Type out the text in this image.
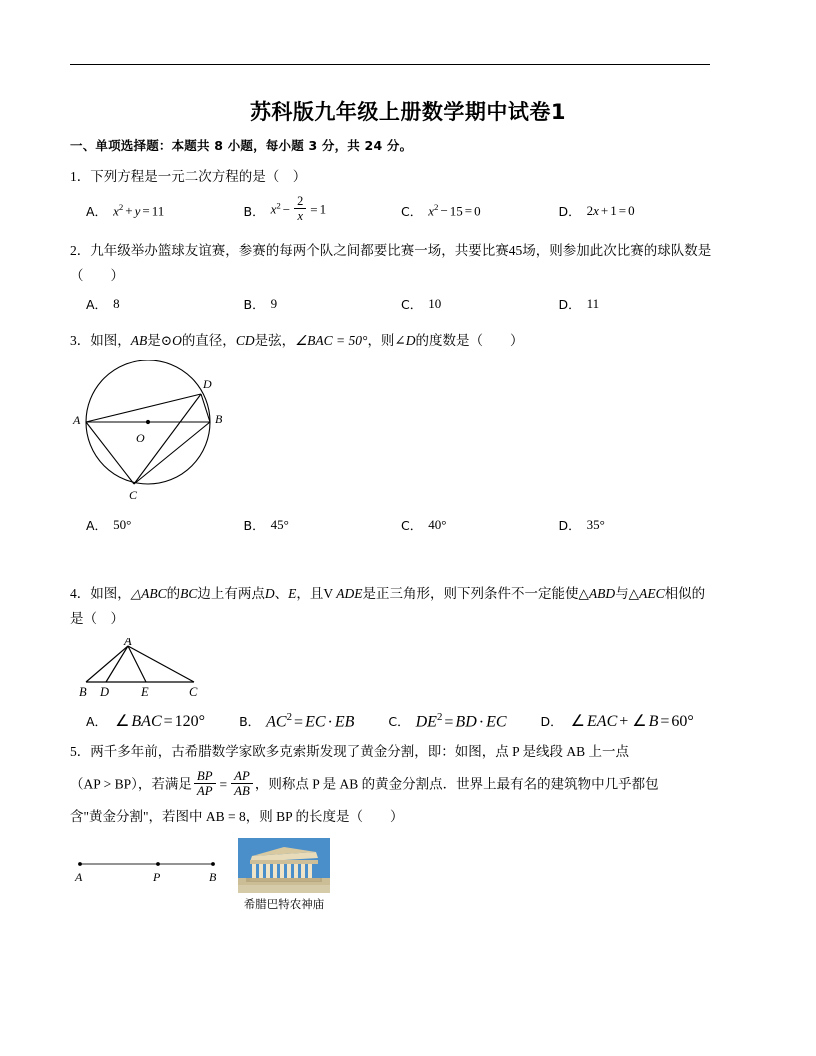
苏科版九年级上册数学期中试卷1
一、单项选择题：本题共 8 小题，每小题 3 分，共 24 分。
1．下列方程是一元二次方程的是（　）
A． $x^2 + y = 11$	B． $x^2 - \frac{2}{x} = 1$	C． $x^2 - 15 = 0$	D． 2x + 1 = 0
2．九年级举办篮球友谊赛，参赛的每两个队之间都要比赛一场，共要比赛45场，则参加此次比赛的球队数是（　　）
A． 8	B． 9	C． 10	D． 11
3．如图，AB是⊙O的直径，CD是弦，∠BAC = 50°，则∠D的度数是（　　）
A	B
D
C
O
A． 50°	B． 45°	C． 40°	D． 35°
4．如图，△ABC的BC边上有两点D、E，且V ADE是正三角形，则下列条件不一定能使△ABD与△AEC相似的是（　）
A
B D	E	C
A． ∠ BAC = 120°	B． $AC^2$ = EC · EB	C． $DE^2$ = BD · EC	D． ∠ EAC + ∠ B = 60°
5．两千多年前，古希腊数学家欧多克索斯发现了黄金分割，即：如图，点 P 是线段 AB 上一点
（AP > BP），若满足 $\frac{BP}{AP} = \frac{AP}{AB}$ ，则称点 P 是 AB 的黄金分割点．世界上最有名的建筑物中几乎都包
含"黄金分割"，若图中 AB = 8，则 BP 的长度是（　　）
A	P	B
希腊巴特农神庙
